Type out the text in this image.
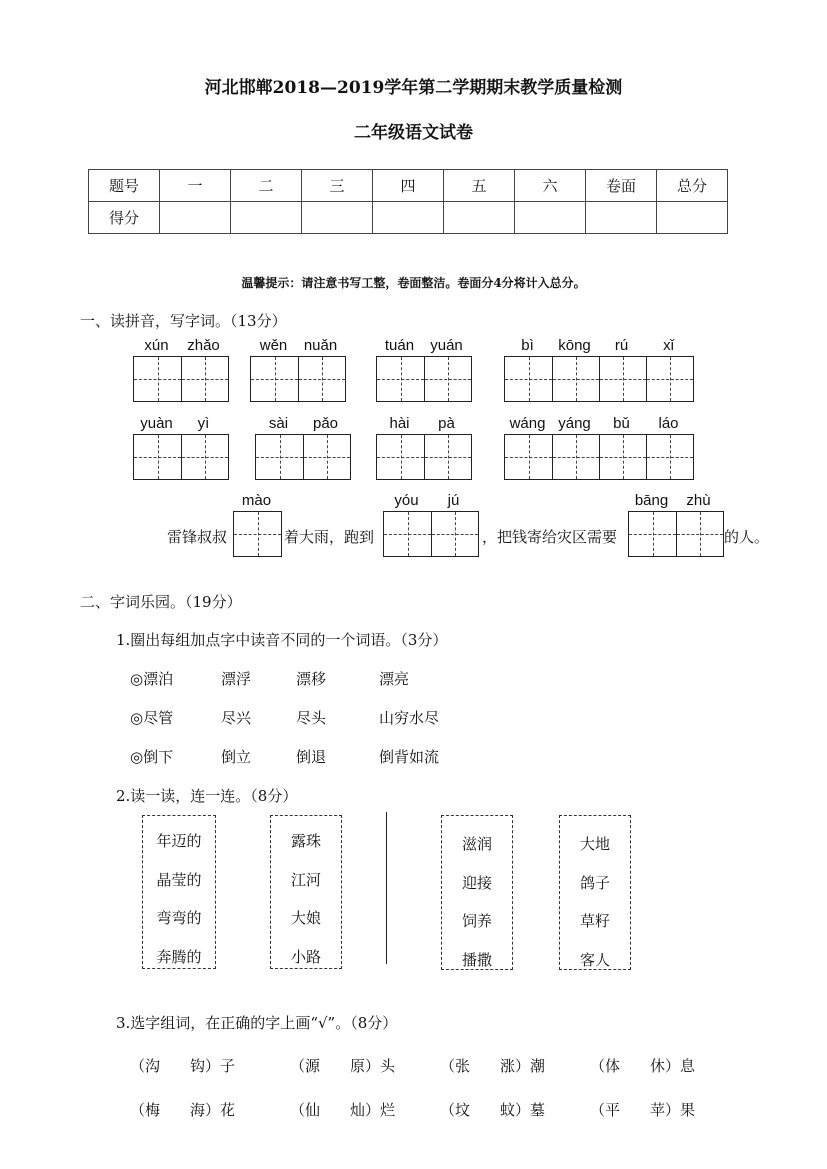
河北邯郸2018—2019学年第二学期期末教学质量检测
二年级语文试卷
题号	一	二	三	四	五	六	卷面	总分
得分								
温馨提示：请注意书写工整，卷面整洁。卷面分4分将计入总分。
一、读拼音，写字词。（13分）
xún	zhǎo	wěn	nuǎn	tuán	yuán	bì	kōng	rú	xǐ
yuàn	yì	sài	pǎo	hài	pà	wáng yáng	bǔ	láo
mào	yóu	jú	bāng	zhù
雷锋叔叔	着大雨，跑到	，把钱寄给灾区需要	的人。
二、字词乐园。（19分）
1.圈出每组加点字中读音不同的一个词语。（3分）
◎漂泊	漂浮	漂移	漂亮
◎尽管	尽兴	尽头	山穷水尽
◎倒下	倒立	倒退	倒背如流
2.读一读，连一连。（8分）
年迈的
晶莹的
弯弯的
奔腾的
露珠
江河
大娘
小路
滋润
迎接
饲养
播撒
大地
鸽子
草籽
客人
3.选字组词，在正确的字上画“√”。（8分）
（沟　　钩）子	（源　　原）头	（张　　涨）潮	（体　　休）息
（梅　　海）花	（仙　　灿）烂	（坟　　蚊）墓	（平　　苹）果
